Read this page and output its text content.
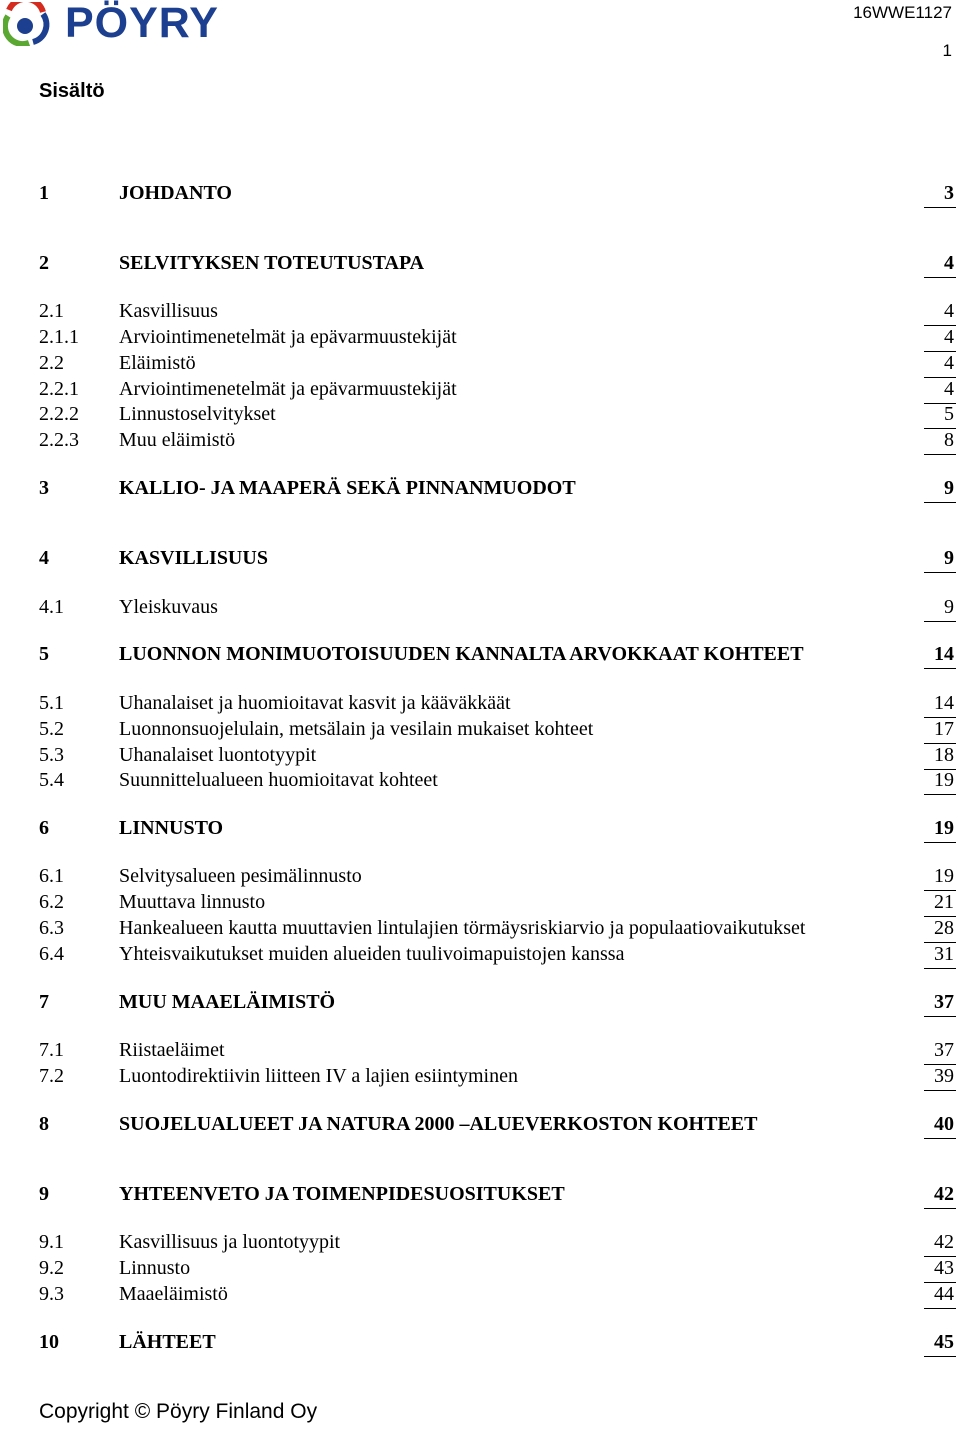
PÖYRY	16WWE1127
1
Sisältö
1	JOHDANTO	3
2	SELVITYKSEN TOTEUTUSTAPA	4
2.1	Kasvillisuus	4
2.1.1 Arviointimenetelmät ja epävarmuustekijät	4
2.2	Eläimistö	4
2.2.1 Arviointimenetelmät ja epävarmuustekijät	4
2.2.2 Linnustoselvitykset	5
2.2.3 Muu eläimistö	8
3	KALLIO- JA MAAPERÄ SEKÄ PINNANMUODOT	9
4	KASVILLISUUS	9
4.1	Yleiskuvaus	9
5	LUONNON MONIMUOTOISUUDEN KANNALTA ARVOKKAAT KOHTEET	14
5.1	Uhanalaiset ja huomioitavat kasvit ja kääväkkäät	14
5.2	Luonnonsuojelulain, metsälain ja vesilain mukaiset kohteet	17
5.3	Uhanalaiset luontotyypit	18
5.4	Suunnittelualueen huomioitavat kohteet	19
6	LINNUSTO	19
6.1	Selvitysalueen pesimälinnusto	19
6.2	Muuttava linnusto	21
6.3	Hankealueen kautta muuttavien lintulajien törmäysriskiarvio ja populaatiovaikutukset	28
6.4	Yhteisvaikutukset muiden alueiden tuulivoimapuistojen kanssa	31
7	MUU MAAELÄIMISTÖ	37
7.1	Riistaeläimet	37
7.2	Luontodirektiivin liitteen IV a lajien esiintyminen	39
8	SUOJELUALUEET JA NATURA 2000 –ALUEVERKOSTON KOHTEET	40
9	YHTEENVETO JA TOIMENPIDESUOSITUKSET	42
9.1	Kasvillisuus ja luontotyypit	42
9.2	Linnusto	43
9.3	Maaeläimistö	44
10	LÄHTEET	45
Copyright © Pöyry Finland Oy
